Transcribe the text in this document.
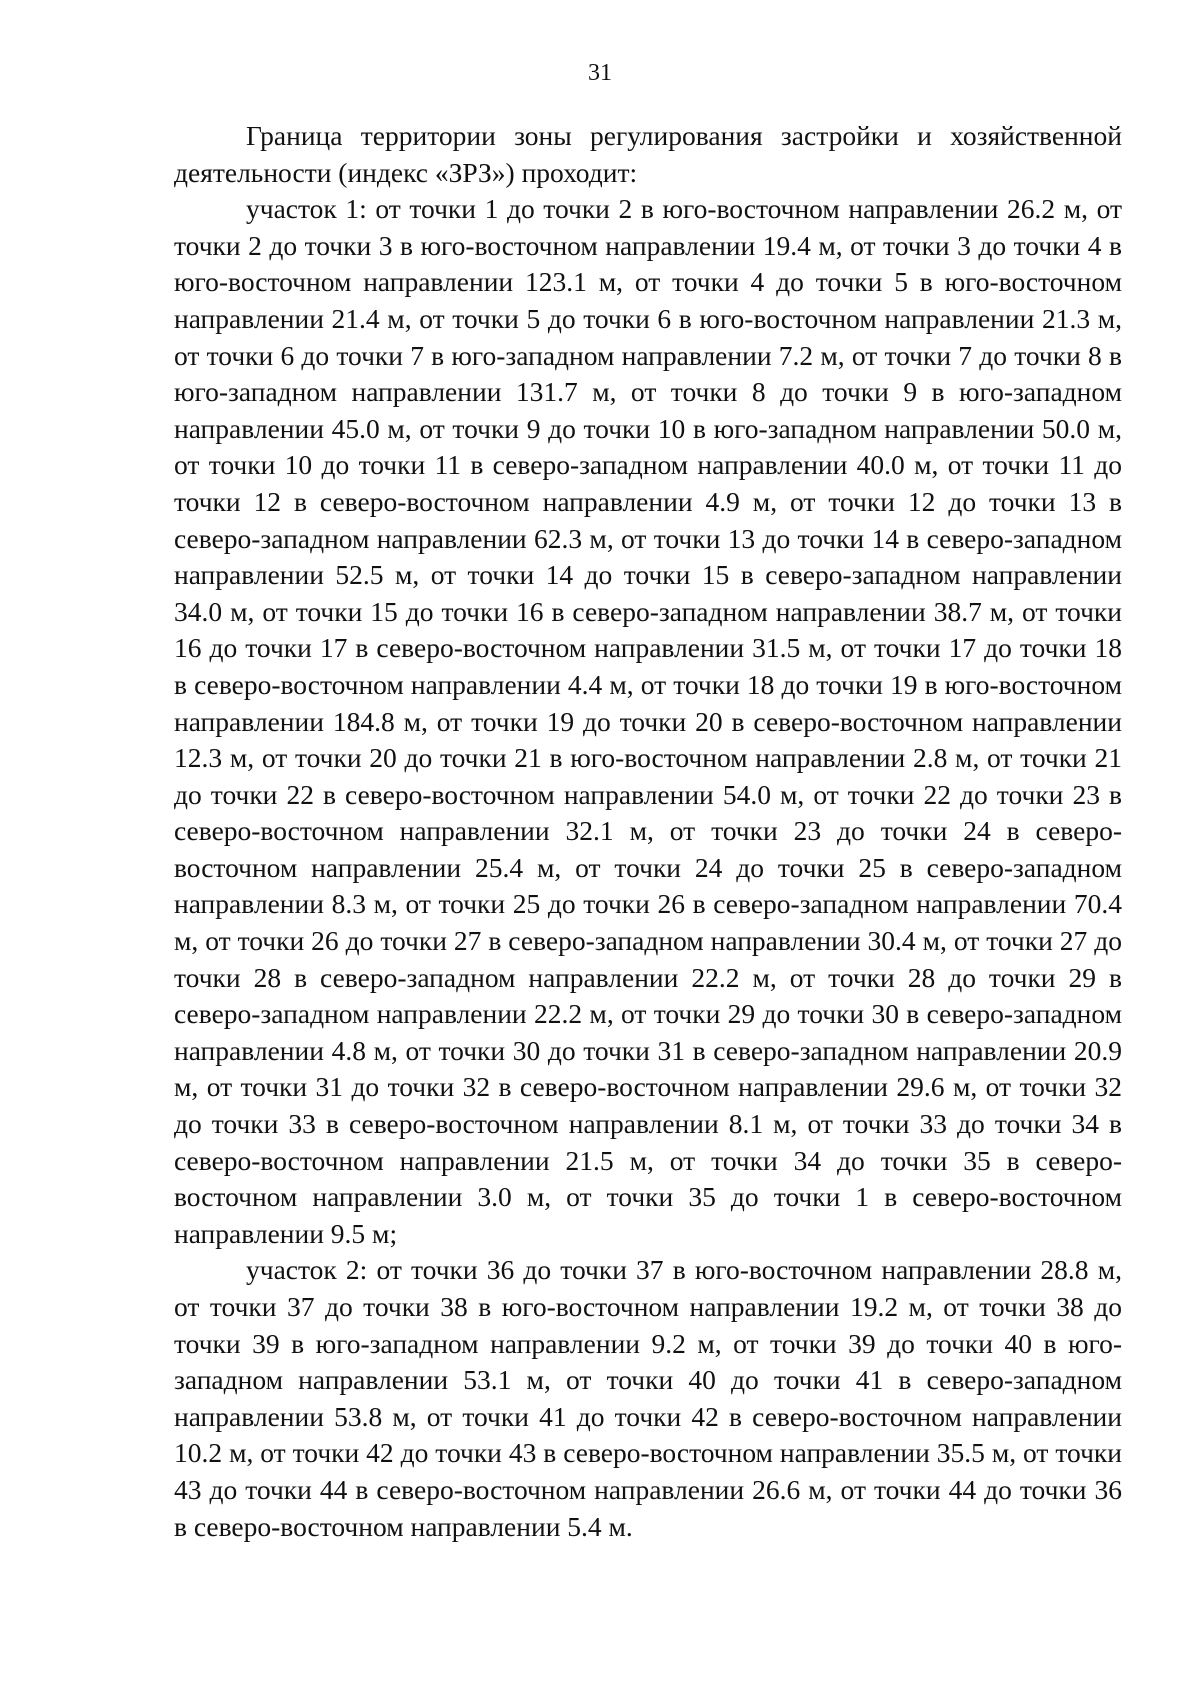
31

Граница территории зоны регулирования застройки и хозяйственной деятельности (индекс «ЗРЗ») проходит:

участок 1: от точки 1 до точки 2 в юго-восточном направлении 26.2 м, от точки 2 до точки 3 в юго-восточном направлении 19.4 м, от точки 3 до точки 4 в юго-восточном направлении 123.1 м, от точки 4 до точки 5 в юго-восточном направлении 21.4 м, от точки 5 до точки 6 в юго-восточном направлении 21.3 м, от точки 6 до точки 7 в юго-западном направлении 7.2 м, от точки 7 до точки 8 в юго-западном направлении 131.7 м, от точки 8 до точки 9 в юго-западном направлении 45.0 м, от точки 9 до точки 10 в юго-западном направлении 50.0 м, от точки 10 до точки 11 в северо-западном направлении 40.0 м, от точки 11 до точки 12 в северо-восточном направлении 4.9 м, от точки 12 до точки 13 в северо-западном направлении 62.3 м, от точки 13 до точки 14 в северо-западном направлении 52.5 м, от точки 14 до точки 15 в северо-западном направлении 34.0 м, от точки 15 до точки 16 в северо-западном направлении 38.7 м, от точки 16 до точки 17 в северо-восточном направлении 31.5 м, от точки 17 до точки 18 в северо-восточном направлении 4.4 м, от точки 18 до точки 19 в юго-восточном направлении 184.8 м, от точки 19 до точки 20 в северо-восточном направлении 12.3 м, от точки 20 до точки 21 в юго-восточном направлении 2.8 м, от точки 21 до точки 22 в северо-восточном направлении 54.0 м, от точки 22 до точки 23 в северо-восточном направлении 32.1 м, от точки 23 до точки 24 в северо-восточном направлении 25.4 м, от точки 24 до точки 25 в северо-западном направлении 8.3 м, от точки 25 до точки 26 в северо-западном направлении 70.4 м, от точки 26 до точки 27 в северо-западном направлении 30.4 м, от точки 27 до точки 28 в северо-западном направлении 22.2 м, от точки 28 до точки 29 в северо-западном направлении 22.2 м, от точки 29 до точки 30 в северо-западном направлении 4.8 м, от точки 30 до точки 31 в северо-западном направлении 20.9 м, от точки 31 до точки 32 в северо-восточном направлении 29.6 м, от точки 32 до точки 33 в северо-восточном направлении 8.1 м, от точки 33 до точки 34 в северо-восточном направлении 21.5 м, от точки 34 до точки 35 в северо-восточном направлении 3.0 м, от точки 35 до точки 1 в северо-восточном направлении 9.5 м;

участок 2: от точки 36 до точки 37 в юго-восточном направлении 28.8 м, от точки 37 до точки 38 в юго-восточном направлении 19.2 м, от точки 38 до точки 39 в юго-западном направлении 9.2 м, от точки 39 до точки 40 в юго-западном направлении 53.1 м, от точки 40 до точки 41 в северо-западном направлении 53.8 м, от точки 41 до точки 42 в северо-восточном направлении 10.2 м, от точки 42 до точки 43 в северо-восточном направлении 35.5 м, от точки 43 до точки 44 в северо-восточном направлении 26.6 м, от точки 44 до точки 36 в северо-восточном направлении 5.4 м.
